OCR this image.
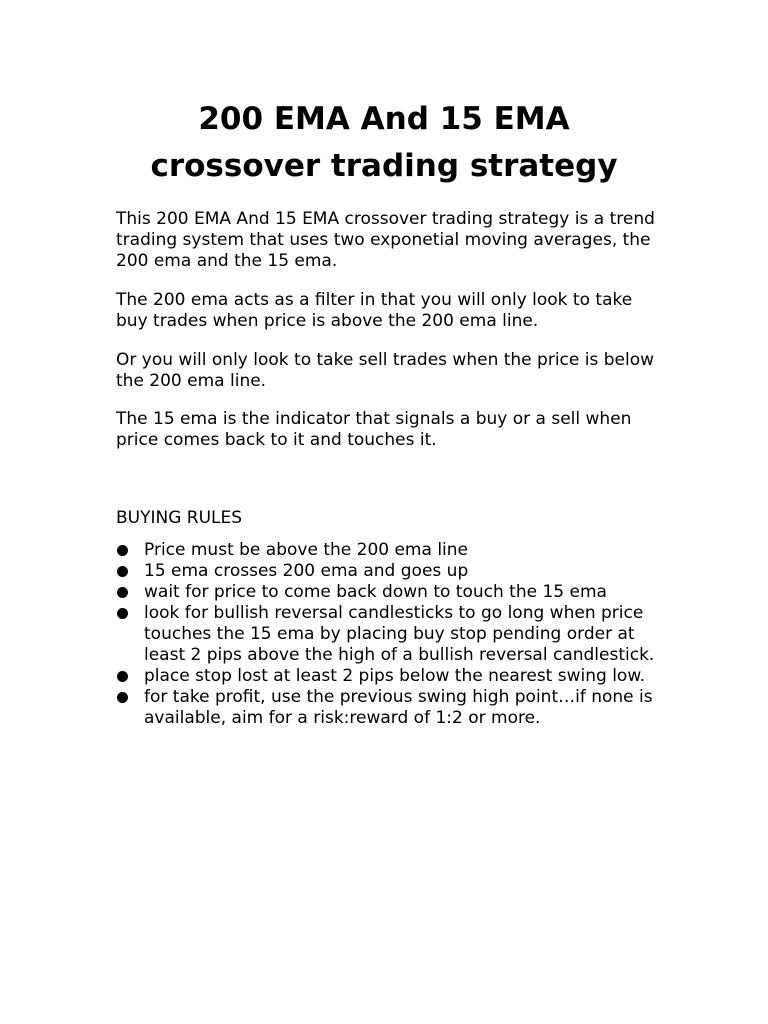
200 EMA And 15 EMA
crossover trading strategy

This 200 EMA And 15 EMA crossover trading strategy is a trend trading system that uses two exponetial moving averages, the 200 ema and the 15 ema.

The 200 ema acts as a filter in that you will only look to take buy trades when price is above the 200 ema line.

Or you will only look to take sell trades when the price is below the 200 ema line.

The 15 ema is the indicator that signals a buy or a sell when price comes back to it and touches it.

BUYING RULES

Price must be above the 200 ema line
15 ema crosses 200 ema and goes up
wait for price to come back down to touch the 15 ema
look for bullish reversal candlesticks to go long when price touches the 15 ema by placing buy stop pending order at least 2 pips above the high of a bullish reversal candlestick.
place stop lost at least 2 pips below the nearest swing low.
for take profit, use the previous swing high point…if none is available, aim for a risk:reward of 1:2 or more.
